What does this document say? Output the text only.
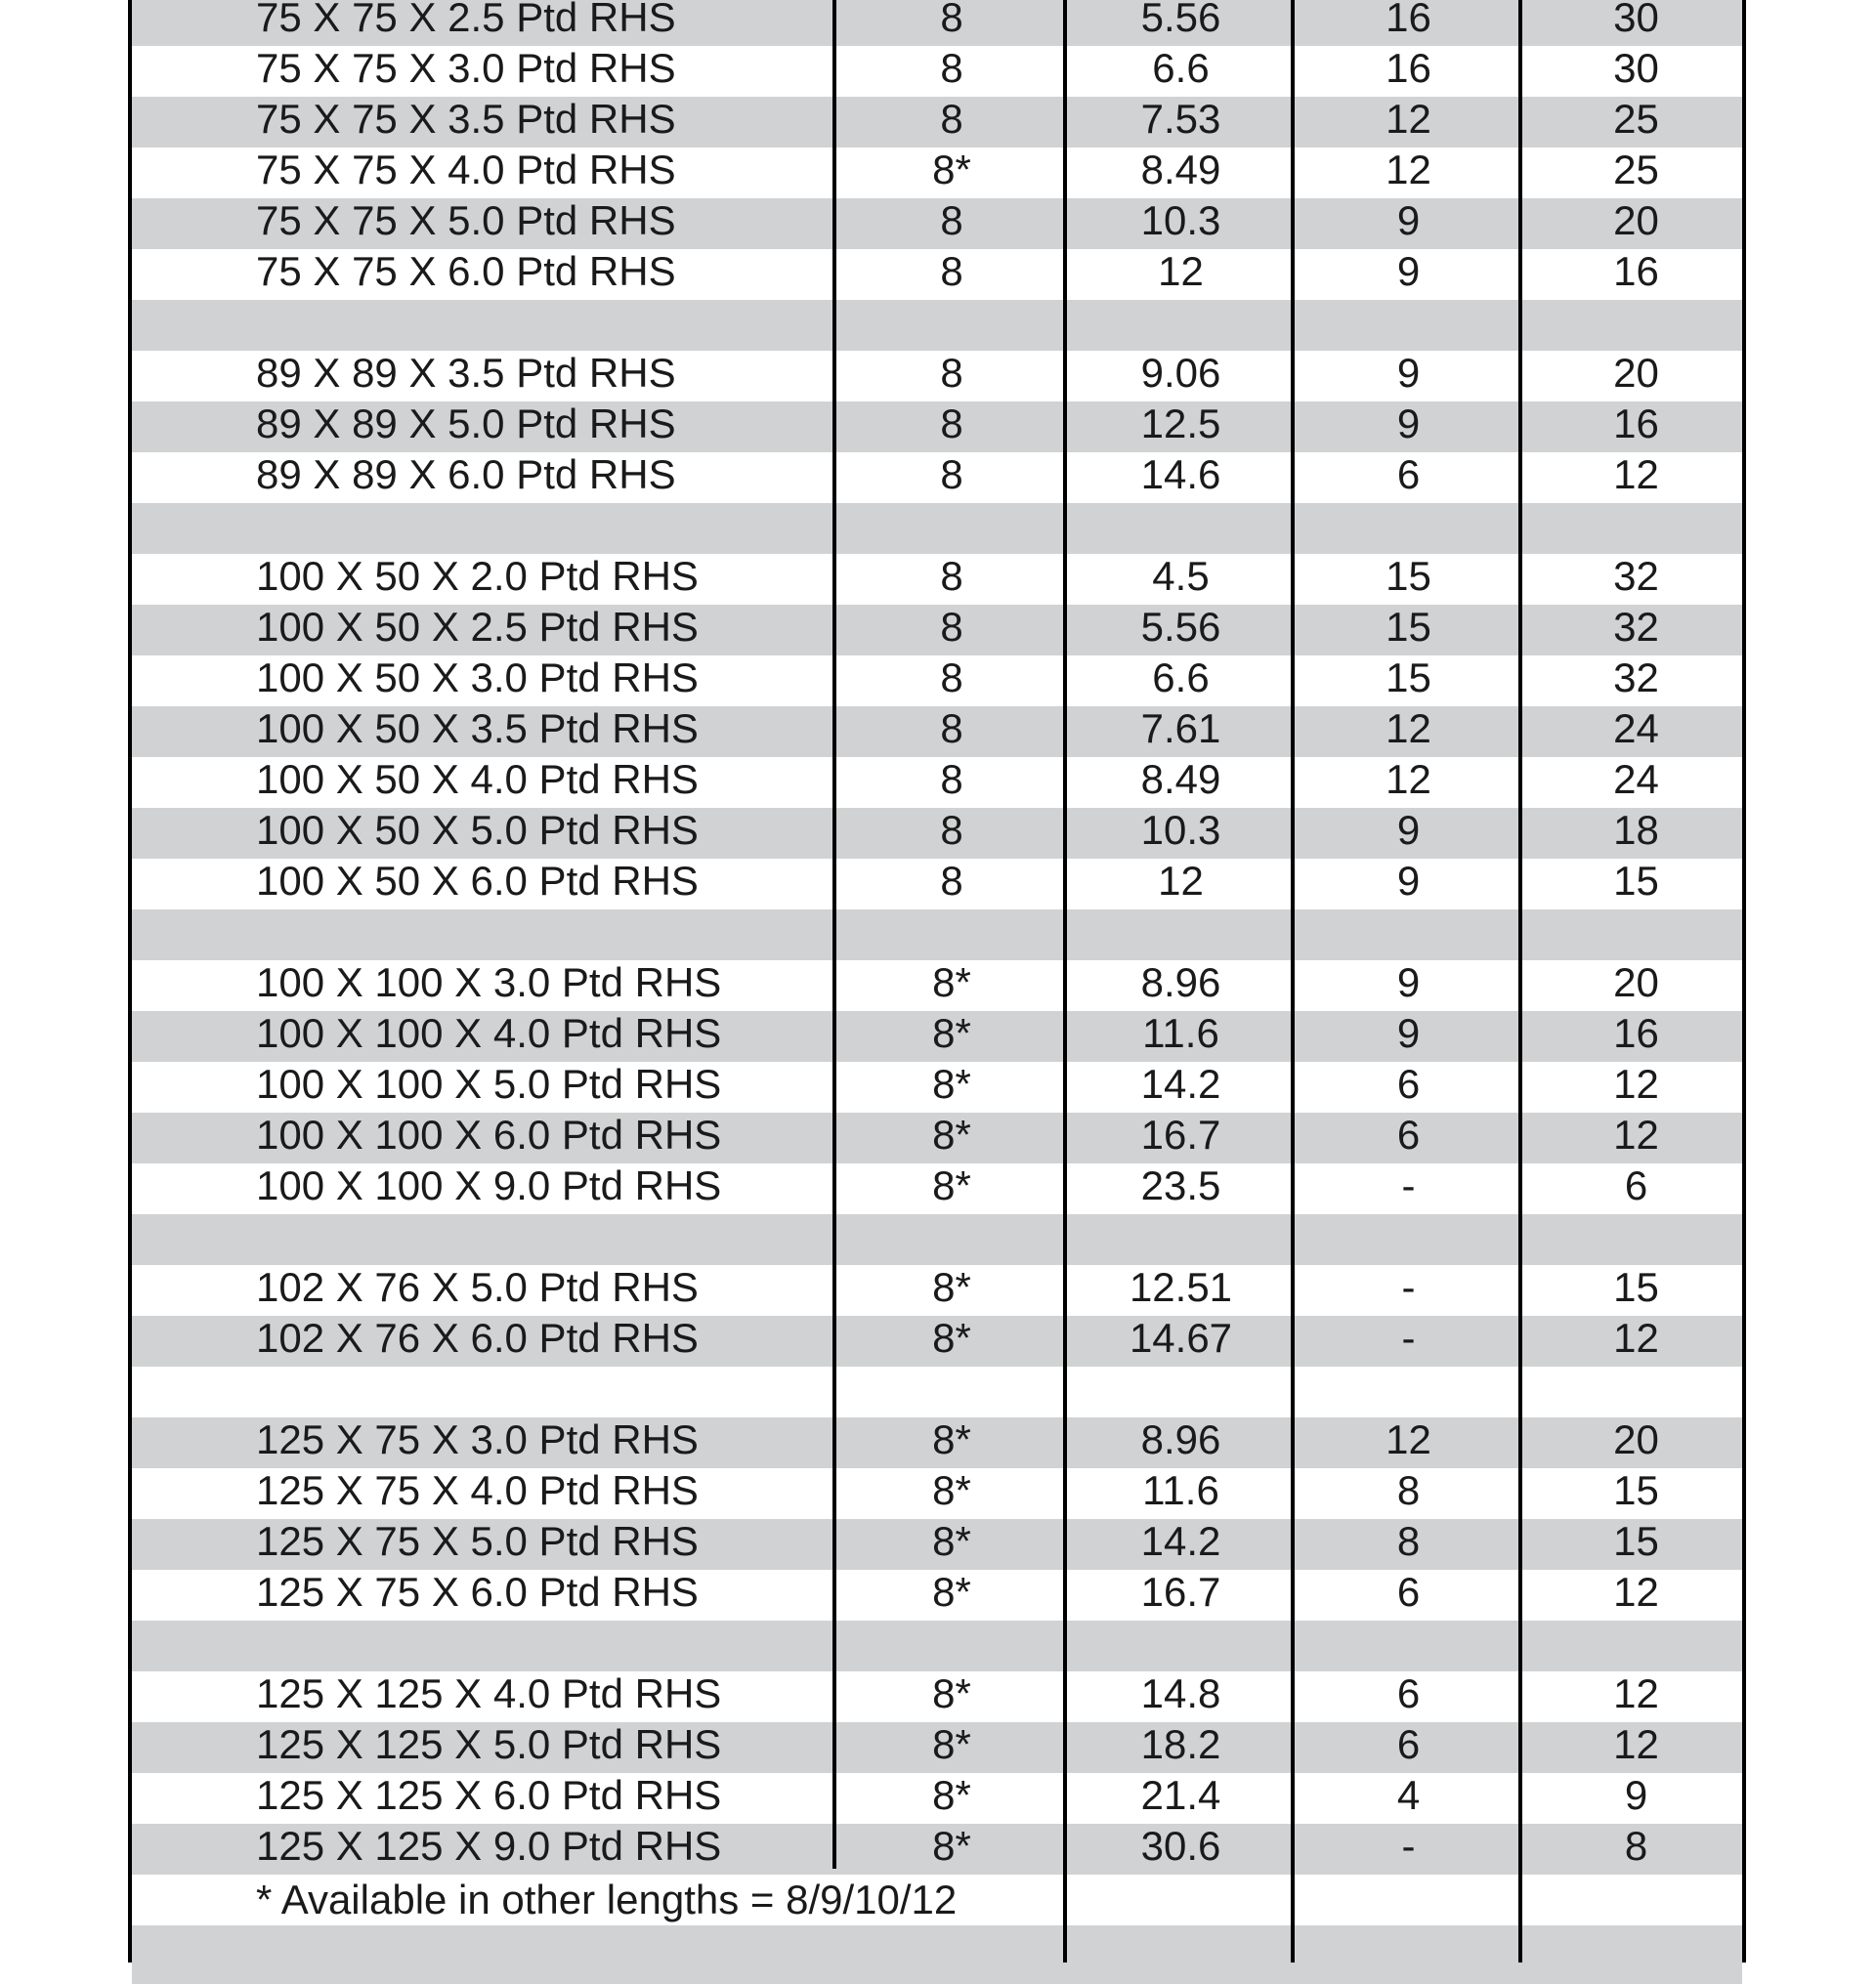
75 X 75 X 2.5 Ptd RHS	8	5.56	16	30
75 X 75 X 3.0 Ptd RHS	8	6.6	16	30
75 X 75 X 3.5 Ptd RHS	8	7.53	12	25
75 X 75 X 4.0 Ptd RHS	8*	8.49	12	25
75 X 75 X 5.0 Ptd RHS	8	10.3	9	20
75 X 75 X 6.0 Ptd RHS	8	12	9	16
89 X 89 X 3.5 Ptd RHS	8	9.06	9	20
89 X 89 X 5.0 Ptd RHS	8	12.5	9	16
89 X 89 X 6.0 Ptd RHS	8	14.6	6	12
100 X 50 X 2.0 Ptd RHS	8	4.5	15	32
100 X 50 X 2.5 Ptd RHS	8	5.56	15	32
100 X 50 X 3.0 Ptd RHS	8	6.6	15	32
100 X 50 X 3.5 Ptd RHS	8	7.61	12	24
100 X 50 X 4.0 Ptd RHS	8	8.49	12	24
100 X 50 X 5.0 Ptd RHS	8	10.3	9	18
100 X 50 X 6.0 Ptd RHS	8	12	9	15
100 X 100 X 3.0 Ptd RHS	8*	8.96	9	20
100 X 100 X 4.0 Ptd RHS	8*	11.6	9	16
100 X 100 X 5.0 Ptd RHS	8*	14.2	6	12
100 X 100 X 6.0 Ptd RHS	8*	16.7	6	12
100 X 100 X 9.0 Ptd RHS	8*	23.5	-	6
102 X 76 X 5.0 Ptd RHS	8*	12.51	-	15
102 X 76 X 6.0 Ptd RHS	8*	14.67	-	12
125 X 75 X 3.0 Ptd RHS	8*	8.96	12	20
125 X 75 X 4.0 Ptd RHS	8*	11.6	8	15
125 X 75 X 5.0 Ptd RHS	8*	14.2	8	15
125 X 75 X 6.0 Ptd RHS	8*	16.7	6	12
125 X 125 X 4.0 Ptd RHS	8*	14.8	6	12
125 X 125 X 5.0 Ptd RHS	8*	18.2	6	12
125 X 125 X 6.0 Ptd RHS	8*	21.4	4	9
125 X 125 X 9.0 Ptd RHS	8*	30.6	-	8
* Available in other lengths = 8/9/10/12
